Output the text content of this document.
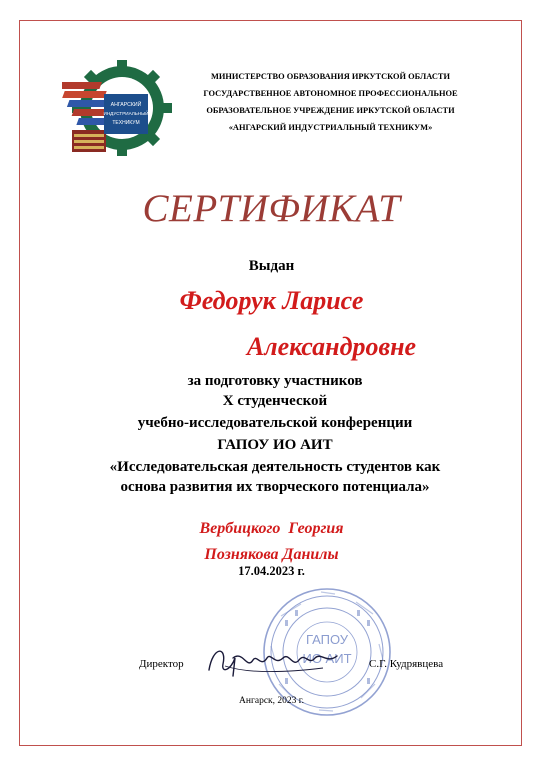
АНГАРСКИЙ
ИНДУСТРИАЛЬНЫЙ
ТЕХНИКУМ
МИНИСТЕРСТВО ОБРАЗОВАНИЯ ИРКУТСКОЙ ОБЛАСТИ
ГОСУДАРСТВЕННОЕ АВТОНОМНОЕ ПРОФЕССИОНАЛЬНОЕ
ОБРАЗОВАТЕЛЬНОЕ УЧРЕЖДЕНИЕ ИРКУТСКОЙ ОБЛАСТИ
«АНГАРСКИЙ ИНДУСТРИАЛЬНЫЙ ТЕХНИКУМ»
СЕРТИФИКАТ
Выдан
Федорук Ларисе
Александровне
за подготовку участников
Х студенческой
учебно-исследовательской конференции
ГАПОУ ИО АИТ
«Исследовательская деятельность студентов как
основа развития их творческого потенциала»
Вербицкого  Георгия
Познякова Данилы
17.04.2023 г.
ГАПОУ
ИО АИТ
Директор	С.Г. Кудрявцева
Ангарск, 2023 г.
